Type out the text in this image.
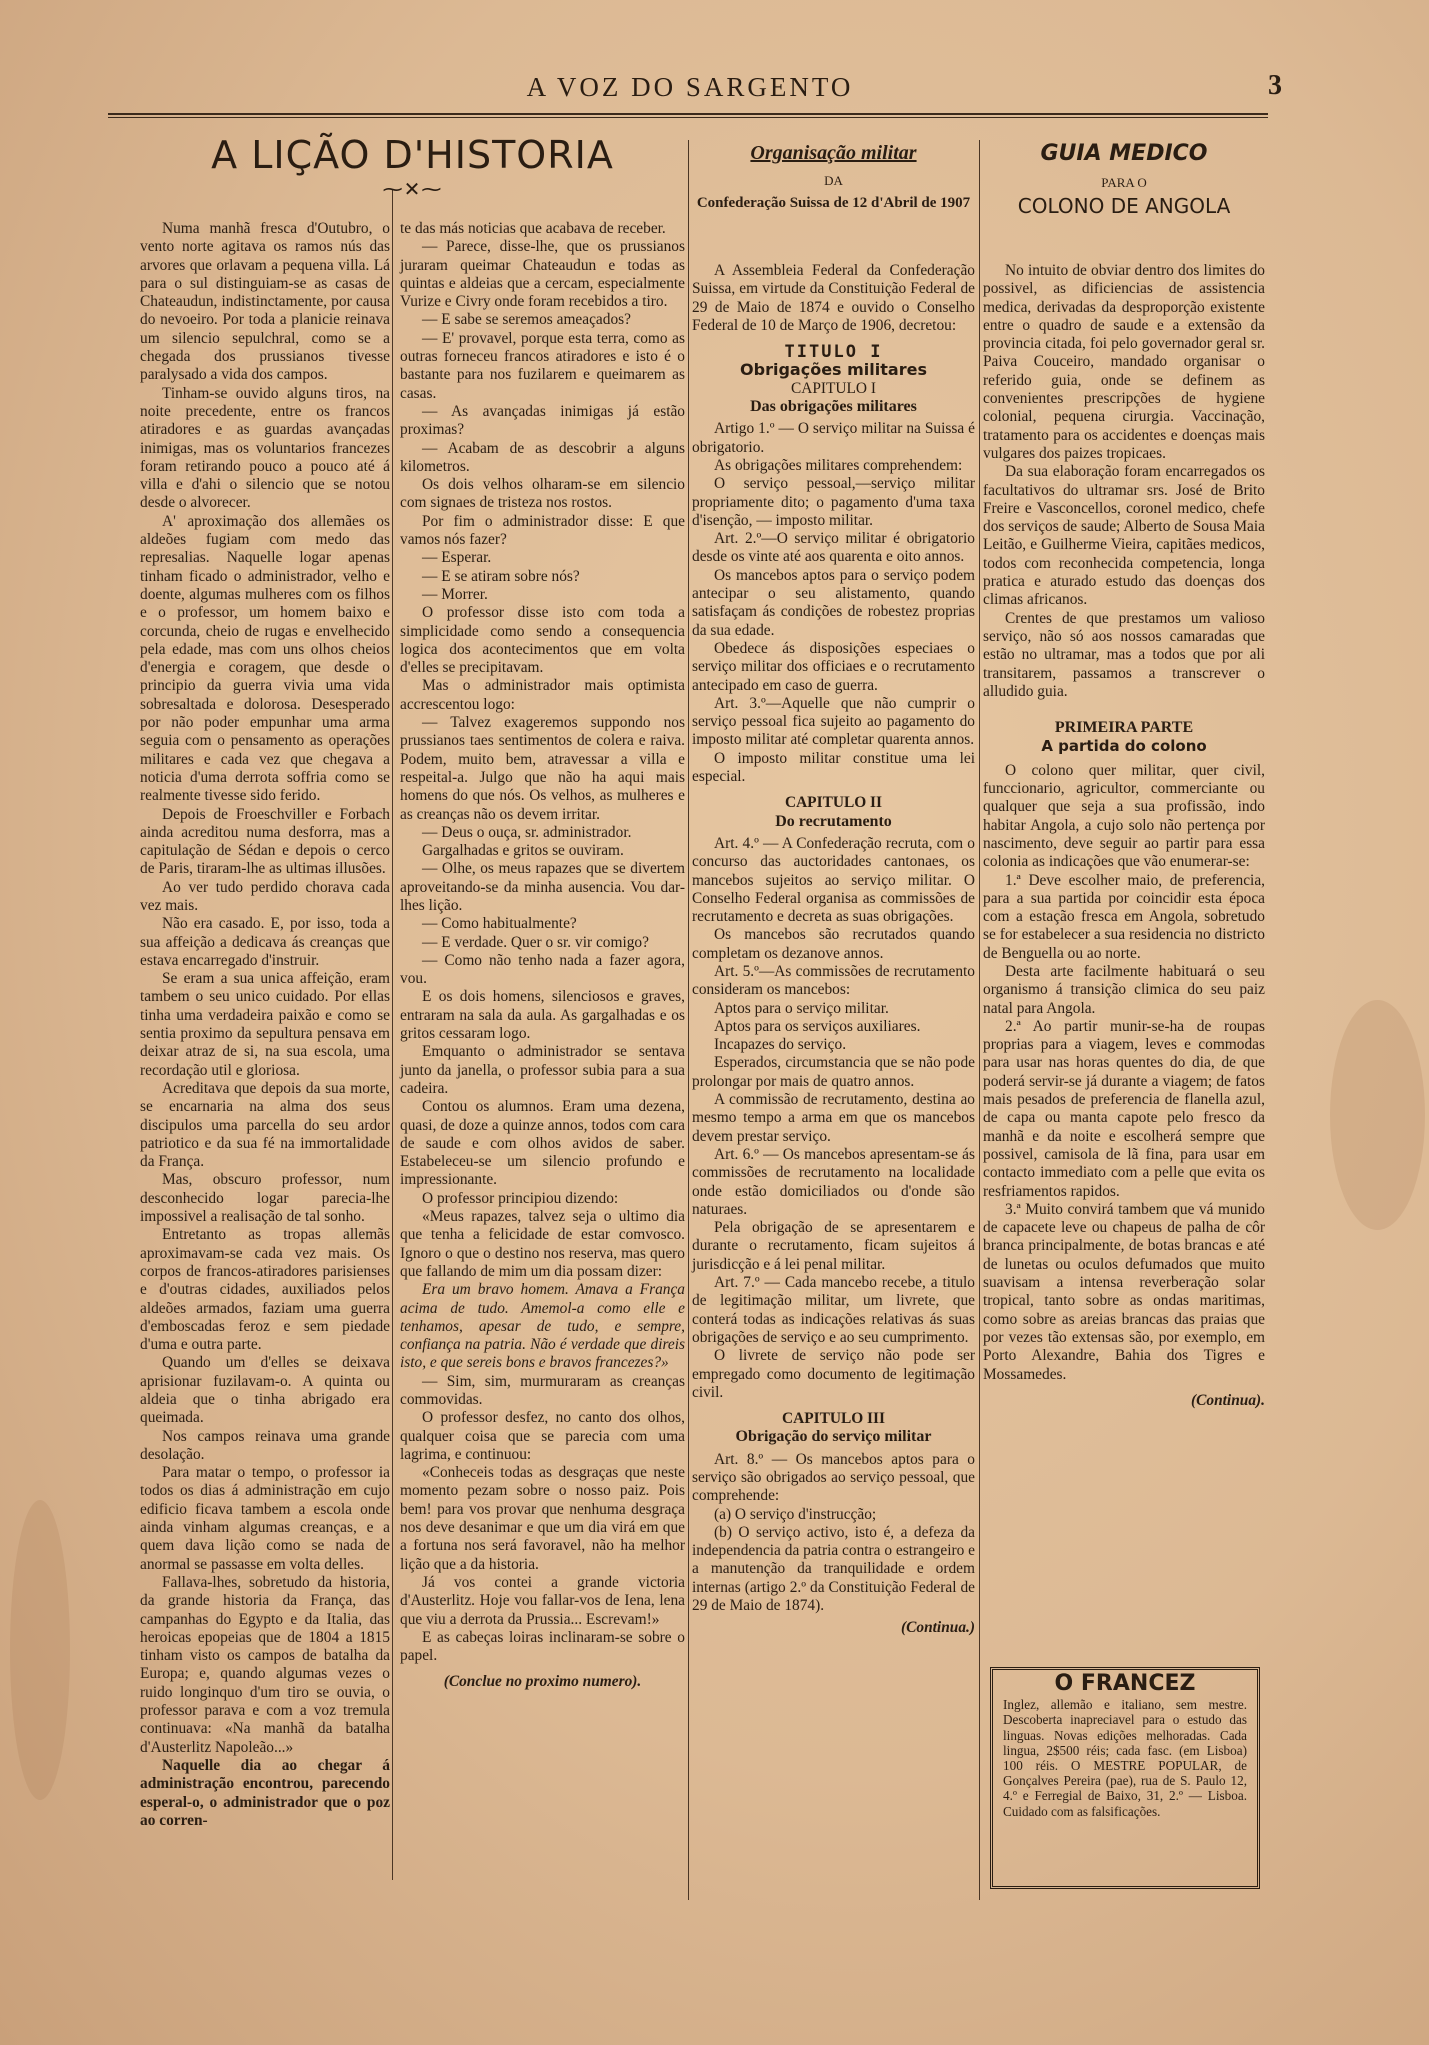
A VOZ DO SARGENTO	3
A LIÇÃO D'HISTORIA
⁓✕⁓

Numa manhã fresca d'Outubro, o vento norte agitava os ramos nús das arvores que orlavam a pequena villa. Lá para o sul distinguiam-se as casas de Chateaudun, indistinctamente, por causa do nevoeiro. Por toda a planicie reinava um silencio sepulchral, como se a chegada dos prussianos tivesse paralysado a vida dos campos.

Tinham-se ouvido alguns tiros, na noite precedente, entre os francos atiradores e as guardas avançadas inimigas, mas os voluntarios francezes foram retirando pouco a pouco até á villa e d'ahi o silencio que se notou desde o alvorecer.

A' aproximação dos allemães os aldeões fugiam com medo das represalias. Naquelle logar apenas tinham ficado o administrador, velho e doente, algumas mulheres com os filhos e o professor, um homem baixo e corcunda, cheio de rugas e envelhecido pela edade, mas com uns olhos cheios d'energia e coragem, que desde o principio da guerra vivia uma vida sobresaltada e dolorosa. Desesperado por não poder empunhar uma arma seguia com o pensamento as operações militares e cada vez que chegava a noticia d'uma derrota soffria como se realmente tivesse sido ferido.

Depois de Froeschviller e Forbach ainda acreditou numa desforra, mas a capitulação de Sédan e depois o cerco de Paris, tiraram-lhe as ultimas illusões.

Ao ver tudo perdido chorava cada vez mais.

Não era casado. E, por isso, toda a sua affeição a dedicava ás creanças que estava encarregado d'instruir.

Se eram a sua unica affeição, eram tambem o seu unico cuidado. Por ellas tinha uma verdadeira paixão e como se sentia proximo da sepultura pensava em deixar atraz de si, na sua escola, uma recordação util e gloriosa.

Acreditava que depois da sua morte, se encarnaria na alma dos seus discipulos uma parcella do seu ardor patriotico e da sua fé na immortalidade da França.

Mas, obscuro professor, num desconhecido logar parecia-lhe impossivel a realisação de tal sonho.

Entretanto as tropas allemãs aproximavam-se cada vez mais. Os corpos de francos-atiradores parisienses e d'outras cidades, auxiliados pelos aldeões armados, faziam uma guerra d'emboscadas feroz e sem piedade d'uma e outra parte.

Quando um d'elles se deixava aprisionar fuzilavam-o. A quinta ou aldeia que o tinha abrigado era queimada.

Nos campos reinava uma grande desolação.

Para matar o tempo, o professor ia todos os dias á administração em cujo edificio ficava tambem a escola onde ainda vinham algumas creanças, e a quem dava lição como se nada de anormal se passasse em volta delles.

Fallava-lhes, sobretudo da historia, da grande historia da França, das campanhas do Egypto e da Italia, das heroicas epopeias que de 1804 a 1815 tinham visto os campos de batalha da Europa; e, quando algumas vezes o ruido longinquo d'um tiro se ouvia, o professor parava e com a voz tremula continuava: «Na manhã da batalha d'Austerlitz Napoleão...»

Naquelle dia ao chegar á administração encontrou, parecendo esperal-o, o administrador que o poz ao corren-

te das más noticias que acabava de receber.

— Parece, disse-lhe, que os prussianos juraram queimar Chateaudun e todas as quintas e aldeias que a cercam, especialmente Vurize e Civry onde foram recebidos a tiro.

— E sabe se seremos ameaçados?

— E' provavel, porque esta terra, como as outras forneceu francos atiradores e isto é o bastante para nos fuzilarem e queimarem as casas.

— As avançadas inimigas já estão proximas?

— Acabam de as descobrir a alguns kilometros.

Os dois velhos olharam-se em silencio com signaes de tristeza nos rostos.

Por fim o administrador disse: E que vamos nós fazer?

— Esperar.

— E se atiram sobre nós?

— Morrer.

O professor disse isto com toda a simplicidade como sendo a consequencia logica dos acontecimentos que em volta d'elles se precipitavam.

Mas o administrador mais optimista accrescentou logo:

— Talvez exageremos suppondo nos prussianos taes sentimentos de colera e raiva. Podem, muito bem, atravessar a villa e respeital-a. Julgo que não ha aqui mais homens do que nós. Os velhos, as mulheres e as creanças não os devem irritar.

— Deus o ouça, sr. administrador.

Gargalhadas e gritos se ouviram.

— Olhe, os meus rapazes que se divertem aproveitando-se da minha ausencia. Vou dar-lhes lição.

— Como habitualmente?

— E verdade. Quer o sr. vir comigo?

— Como não tenho nada a fazer agora, vou.

E os dois homens, silenciosos e graves, entraram na sala da aula. As gargalhadas e os gritos cessaram logo.

Emquanto o administrador se sentava junto da janella, o professor subia para a sua cadeira.

Contou os alumnos. Eram uma dezena, quasi, de doze a quinze annos, todos com cara de saude e com olhos avidos de saber. Estabeleceu-se um silencio profundo e impressionante.

O professor principiou dizendo:

«Meus rapazes, talvez seja o ultimo dia que tenha a felicidade de estar comvosco. Ignoro o que o destino nos reserva, mas quero que fallando de mim um dia possam dizer:

Era um bravo homem. Amava a França acima de tudo. Amemol-a como elle e tenhamos, apesar de tudo, e sempre, confiança na patria. Não é verdade que direis isto, e que sereis bons e bravos francezes?»

— Sim, sim, murmuraram as creanças commovidas.

O professor desfez, no canto dos olhos, qualquer coisa que se parecia com uma lagrima, e continuou:

«Conheceis todas as desgraças que neste momento pezam sobre o nosso paiz. Pois bem! para vos provar que nenhuma desgraça nos deve desanimar e que um dia virá em que a fortuna nos será favoravel, não ha melhor lição que a da historia.

Já vos contei a grande victoria d'Austerlitz. Hoje vou fallar-vos de Iena, lena que viu a derrota da Prussia... Escrevam!»

E as cabeças loiras inclinaram-se sobre o papel.

(Conclue no proximo numero).

Organisação militar

DA

Confederação Suissa de 12 d'Abril de 1907

A Assembleia Federal da Confederação Suissa, em virtude da Constituição Federal de 29 de Maio de 1874 e ouvido o Conselho Federal de 10 de Março de 1906, decretou:

TITULO I

Obrigações militares

CAPITULO I

Das obrigações militares

Artigo 1.º — O serviço militar na Suissa é obrigatorio.

As obrigações militares comprehendem:

O serviço pessoal,—serviço militar propriamente dito; o pagamento d'uma taxa d'isenção, — imposto militar.

Art. 2.º—O serviço militar é obrigatorio desde os vinte até aos quarenta e oito annos.

Os mancebos aptos para o serviço podem antecipar o seu alistamento, quando satisfaçam ás condições de robestez proprias da sua edade.

Obedece ás disposições especiaes o serviço militar dos officiaes e o recrutamento antecipado em caso de guerra.

Art. 3.º—Aquelle que não cumprir o serviço pessoal fica sujeito ao pagamento do imposto militar até completar quarenta annos.

O imposto militar constitue uma lei especial.

CAPITULO II

Do recrutamento

Art. 4.º — A Confederação recruta, com o concurso das auctoridades cantonaes, os mancebos sujeitos ao serviço militar. O Conselho Federal organisa as commissões de recrutamento e decreta as suas obrigações.

Os mancebos são recrutados quando completam os dezanove annos.

Art. 5.º—As commissões de recrutamento consideram os mancebos:

Aptos para o serviço militar.

Aptos para os serviços auxiliares.

Incapazes do serviço.

Esperados, circumstancia que se não pode prolongar por mais de quatro annos.

A commissão de recrutamento, destina ao mesmo tempo a arma em que os mancebos devem prestar serviço.

Art. 6.º — Os mancebos apresentam-se ás commissões de recrutamento na localidade onde estão domiciliados ou d'onde são naturaes.

Pela obrigação de se apresentarem e durante o recrutamento, ficam sujeitos á jurisdicção e á lei penal militar.

Art. 7.º — Cada mancebo recebe, a titulo de legitimação militar, um livrete, que conterá todas as indicações relativas ás suas obrigações de serviço e ao seu cumprimento.

O livrete de serviço não pode ser empregado como documento de legitimação civil.

CAPITULO III

Obrigação do serviço militar

Art. 8.º — Os mancebos aptos para o serviço são obrigados ao serviço pessoal, que comprehende:

(a) O serviço d'instrucção;

(b) O serviço activo, isto é, a defeza da independencia da patria contra o estrangeiro e a manutenção da tranquilidade e ordem internas (artigo 2.º da Constituição Federal de 29 de Maio de 1874).

(Continua.)

GUIA MEDICO

PARA O

COLONO DE ANGOLA

No intuito de obviar dentro dos limites do possivel, as dificiencias de assistencia medica, derivadas da desproporção existente entre o quadro de saude e a extensão da provincia citada, foi pelo governador geral sr. Paiva Couceiro, mandado organisar o referido guia, onde se definem as convenientes prescripções de hygiene colonial, pequena cirurgia. Vaccinação, tratamento para os accidentes e doenças mais vulgares dos paizes tropicaes.

Da sua elaboração foram encarregados os facultativos do ultramar srs. José de Brito Freire e Vasconcellos, coronel medico, chefe dos serviços de saude; Alberto de Sousa Maia Leitão, e Guilherme Vieira, capitães medicos, todos com reconhecida competencia, longa pratica e aturado estudo das doenças dos climas africanos.

Crentes de que prestamos um valioso serviço, não só aos nossos camaradas que estão no ultramar, mas a todos que por ali transitarem, passamos a transcrever o alludido guia.

PRIMEIRA PARTE

A partida do colono

O colono quer militar, quer civil, funccionario, agricultor, commerciante ou qualquer que seja a sua profissão, indo habitar Angola, a cujo solo não pertença por nascimento, deve seguir ao partir para essa colonia as indicações que vão enumerar-se:

1.ª Deve escolher maio, de preferencia, para a sua partida por coincidir esta época com a estação fresca em Angola, sobretudo se for estabelecer a sua residencia no districto de Benguella ou ao norte.

Desta arte facilmente habituará o seu organismo á transição climica do seu paiz natal para Angola.

2.ª Ao partir munir-se-ha de roupas proprias para a viagem, leves e commodas para usar nas horas quentes do dia, de que poderá servir-se já durante a viagem; de fatos mais pesados de preferencia de flanella azul, de capa ou manta capote pelo fresco da manhã e da noite e escolherá sempre que possivel, camisola de lã fina, para usar em contacto immediato com a pelle que evita os resfriamentos rapidos.

3.ª Muito convirá tambem que vá munido de capacete leve ou chapeus de palha de côr branca principalmente, de botas brancas e até de lunetas ou oculos defumados que muito suavisam a intensa reverberação solar tropical, tanto sobre as ondas maritimas, como sobre as areias brancas das praias que por vezes tão extensas são, por exemplo, em Porto Alexandre, Bahia dos Tigres e Mossamedes.

(Continua).

O FRANCEZ
Inglez, allemão e italiano, sem mestre. Descoberta inapreciavel para o estudo das linguas. Novas edições melhoradas. Cada lingua, 2$500 réis; cada fasc. (em Lisboa) 100 réis. O MESTRE POPULAR, de Gonçalves Pereira (pae), rua de S. Paulo 12, 4.º e Ferregial de Baixo, 31, 2.º — Lisboa. Cuidado com as falsificações.
